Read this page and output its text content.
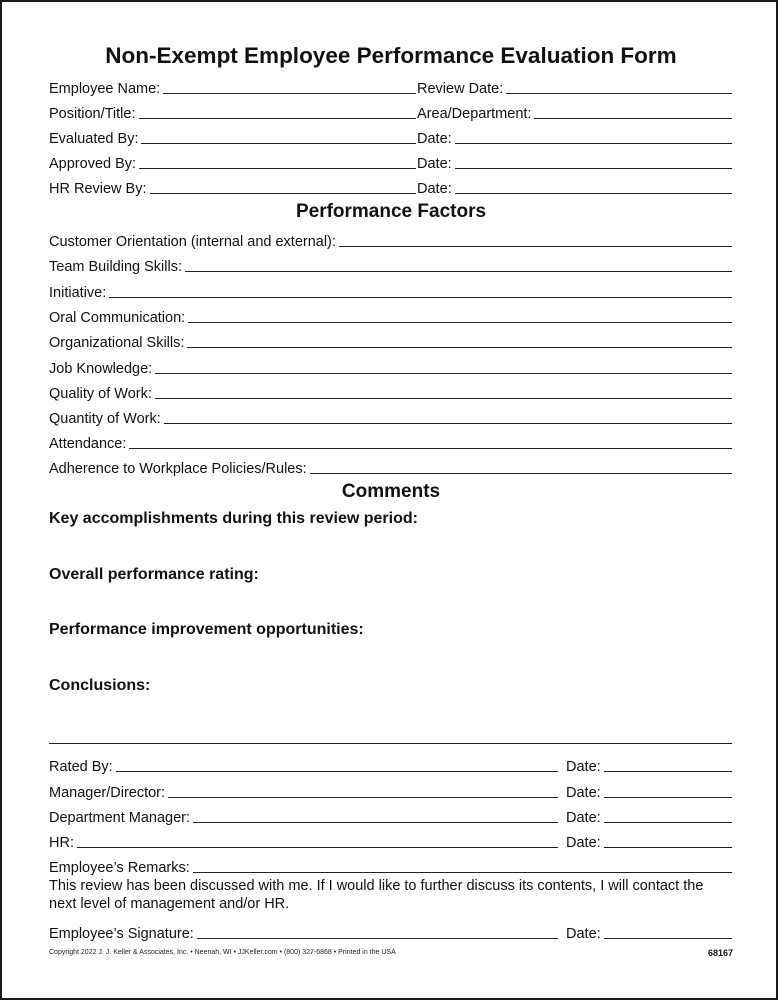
Non-Exempt Employee Performance Evaluation Form
Employee Name:	Review Date:
Position/Title:	Area/Department:
Evaluated By:	Date:
Approved By:	Date:
HR Review By:	Date:
Performance Factors
Customer Orientation (internal and external):
Team Building Skills:
Initiative:
Oral Communication:
Organizational Skills:
Job Knowledge:
Quality of Work:
Quantity of Work:
Attendance:
Adherence to Workplace Policies/Rules:
Comments
Key accomplishments during this review period:
Overall performance rating:
Performance improvement opportunities:
Conclusions:
Rated By:	Date:
Manager/Director:	Date:
Department Manager:	Date:
HR:	Date:
Employee’s Remarks:
This review has been discussed with me. If I would like to further discuss its contents, I will contact the next level of management and/or HR.
Employee’s Signature:	Date:
Copyright 2022 J. J. Keller & Associates, Inc. • Neenah, WI • JJKeller.com • (800) 327-6868 • Printed in the USA	68167
